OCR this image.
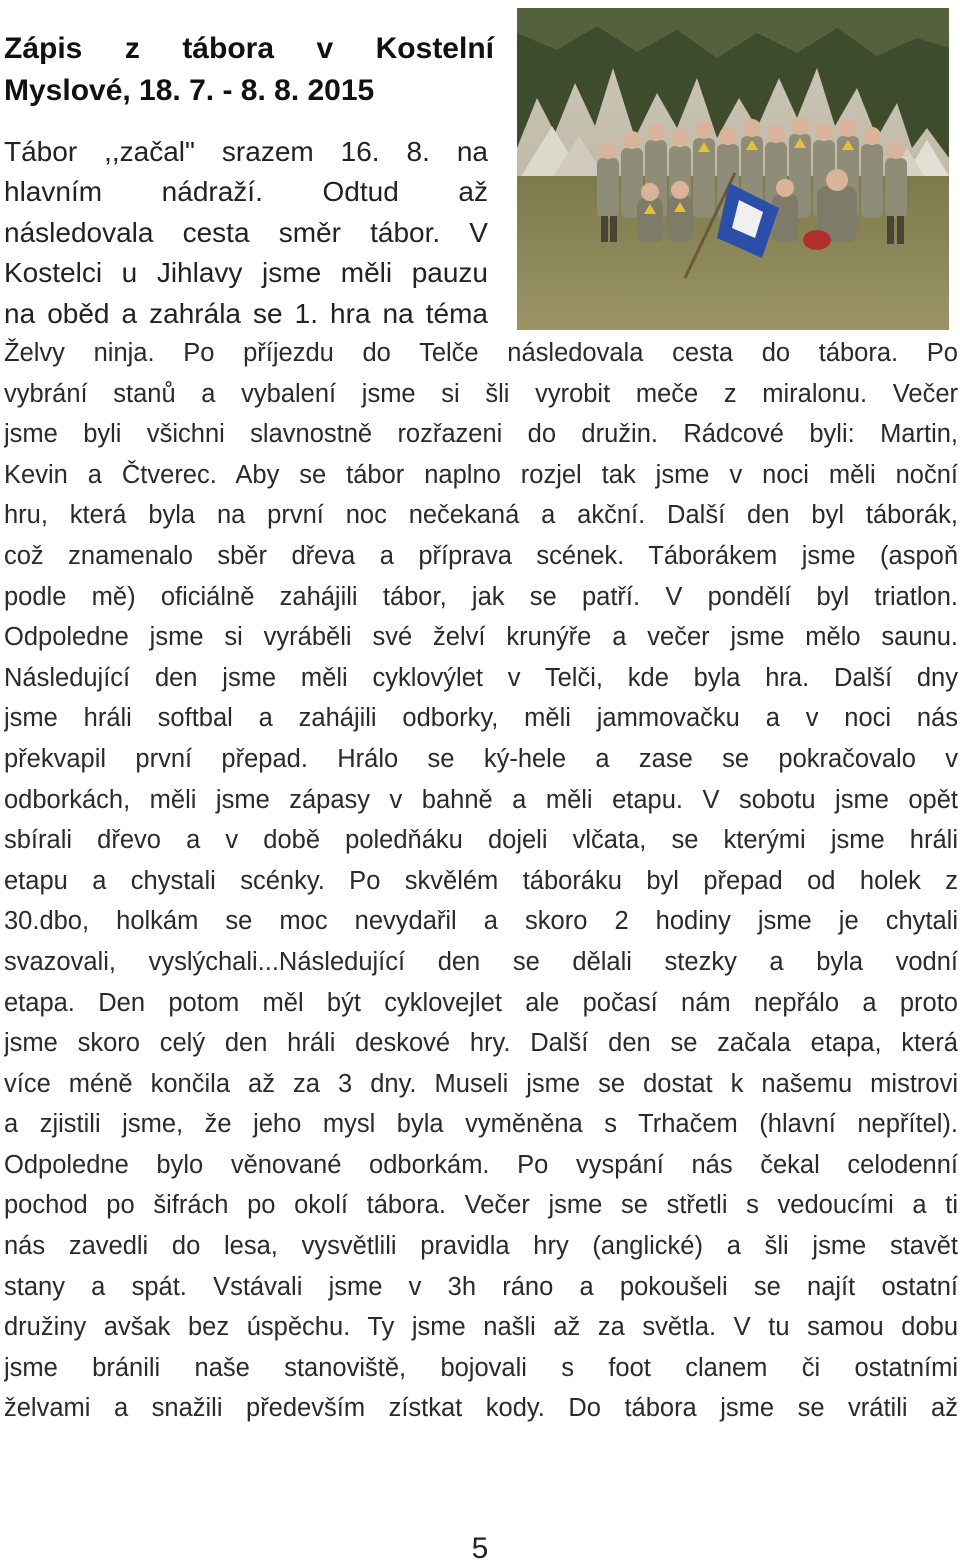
Zápis z tábora v Kostelní
Myslové, 18. 7. - 8. 8. 2015
Tábor ,,začal" srazem 16. 8. na
hlavním nádraží. Odtud až
následovala cesta směr tábor. V
Kostelci u Jihlavy jsme měli pauzu
na oběd a zahrála se 1. hra na téma
Želvy ninja. Po příjezdu do Telče následovala cesta do tábora. Po
vybrání stanů a vybalení jsme si šli vyrobit meče z miralonu. Večer
jsme byli všichni slavnostně rozřazeni do družin. Rádcové byli: Martin,
Kevin a Čtverec. Aby se tábor naplno rozjel tak jsme v noci měli noční
hru, která byla na první noc nečekaná a akční. Další den byl táborák,
což znamenalo sběr dřeva a příprava scének. Táborákem jsme (aspoň
podle mě) oficiálně zahájili tábor, jak se patří. V pondělí byl triatlon.
Odpoledne jsme si vyráběli své želví krunýře a večer jsme mělo saunu.
Následující den jsme měli cyklovýlet v Telči, kde byla hra. Další dny
jsme hráli softbal a zahájili odborky, měli jammovačku a v noci nás
překvapil první přepad. Hrálo se ký-hele a zase se pokračovalo v
odborkách, měli jsme zápasy v bahně a měli etapu. V sobotu jsme opět
sbírali dřevo a v době poledňáku dojeli vlčata, se kterými jsme hráli
etapu a chystali scénky. Po skvělém táboráku byl přepad od holek z
30.dbo, holkám se moc nevydařil a skoro 2 hodiny jsme je chytali
svazovali, vyslýchali...Následující den se dělali stezky a byla vodní
etapa. Den potom měl být cyklovejlet ale počasí nám nepřálo a proto
jsme skoro celý den hráli deskové hry. Další den se začala etapa, která
více méně končila až za 3 dny. Museli jsme se dostat k našemu mistrovi
a zjistili jsme, že jeho mysl byla vyměněna s Trhačem (hlavní nepřítel).
Odpoledne bylo věnované odborkám. Po vyspání nás čekal celodenní
pochod po šifrách po okolí tábora. Večer jsme se střetli s vedoucími a ti
nás zavedli do lesa, vysvětlili pravidla hry (anglické) a šli jsme stavět
stany a spát. Vstávali jsme v 3h ráno a pokoušeli se najít ostatní
družiny avšak bez úspěchu. Ty jsme našli až za světla. V tu samou dobu
jsme bránili naše stanoviště, bojovali s foot clanem či ostatními
želvami a snažili především zístkat kody. Do tábora jsme se vrátili až
5
